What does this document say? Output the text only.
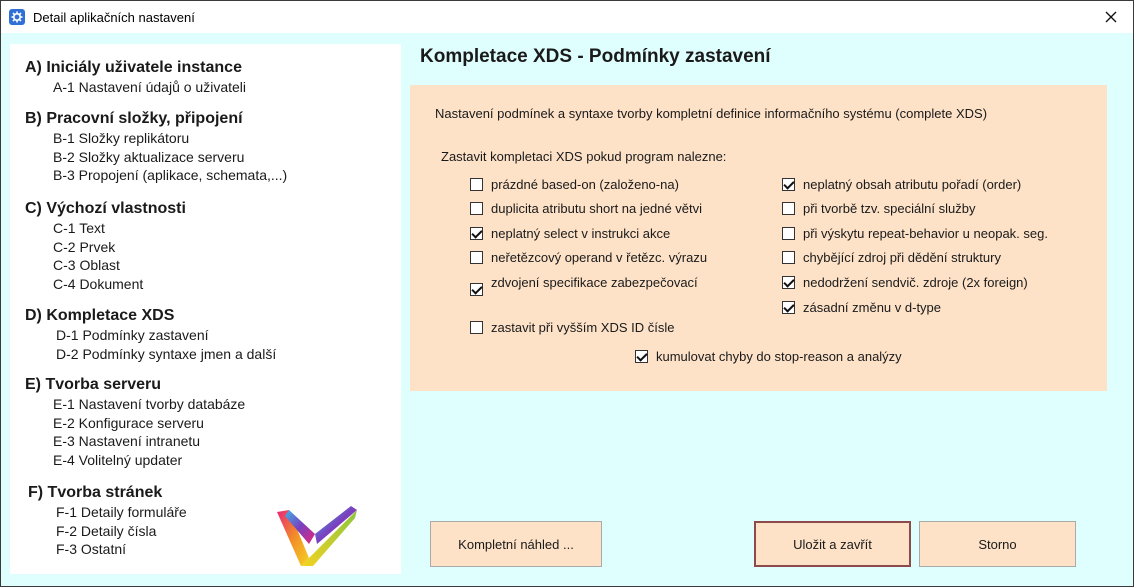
Detail aplikačních nastavení
A) Iniciály uživatele instance
A-1 Nastavení údajů o uživateli
B) Pracovní složky, připojení
B-1 Složky replikátoru
B-2 Složky aktualizace serveru
B-3 Propojení (aplikace, schemata,...)
C) Výchozí vlastnosti
C-1 Text
C-2 Prvek
C-3 Oblast
C-4 Dokument
D) Kompletace XDS
D-1 Podmínky zastavení
D-2 Podmínky syntaxe jmen a další
E) Tvorba serveru
E-1 Nastavení tvorby databáze
E-2 Konfigurace serveru
E-3 Nastavení intranetu
E-4 Volitelný updater
F) Tvorba stránek
F-1 Detaily formuláře
F-2 Detaily čísla
F-3 Ostatní
Kompletace XDS - Podmínky zastavení
Nastavení podmínek a syntaxe tvorby kompletní definice informačního systému (complete XDS)
Zastavit kompletaci XDS pokud program nalezne:
prázdné based-on (založeno-na)
duplicita atributu short na jedné větvi
neplatný select v instrukci akce
neřetězcový operand v řetězc. výrazu
zdvojení specifikace zabezpečovací
zastavit při vyšším XDS ID čísle
neplatný obsah atributu pořadí (order)
při tvorbě tzv. speciální služby
při výskytu repeat-behavior u neopak. seg.
chybějící zdroj při dědění struktury
nedodržení sendvič. zdroje (2x foreign)
zásadní změnu v d-type
kumulovat chyby do stop-reason a analýzy
Kompletní náhled ...	Uložit a zavřít	Storno
